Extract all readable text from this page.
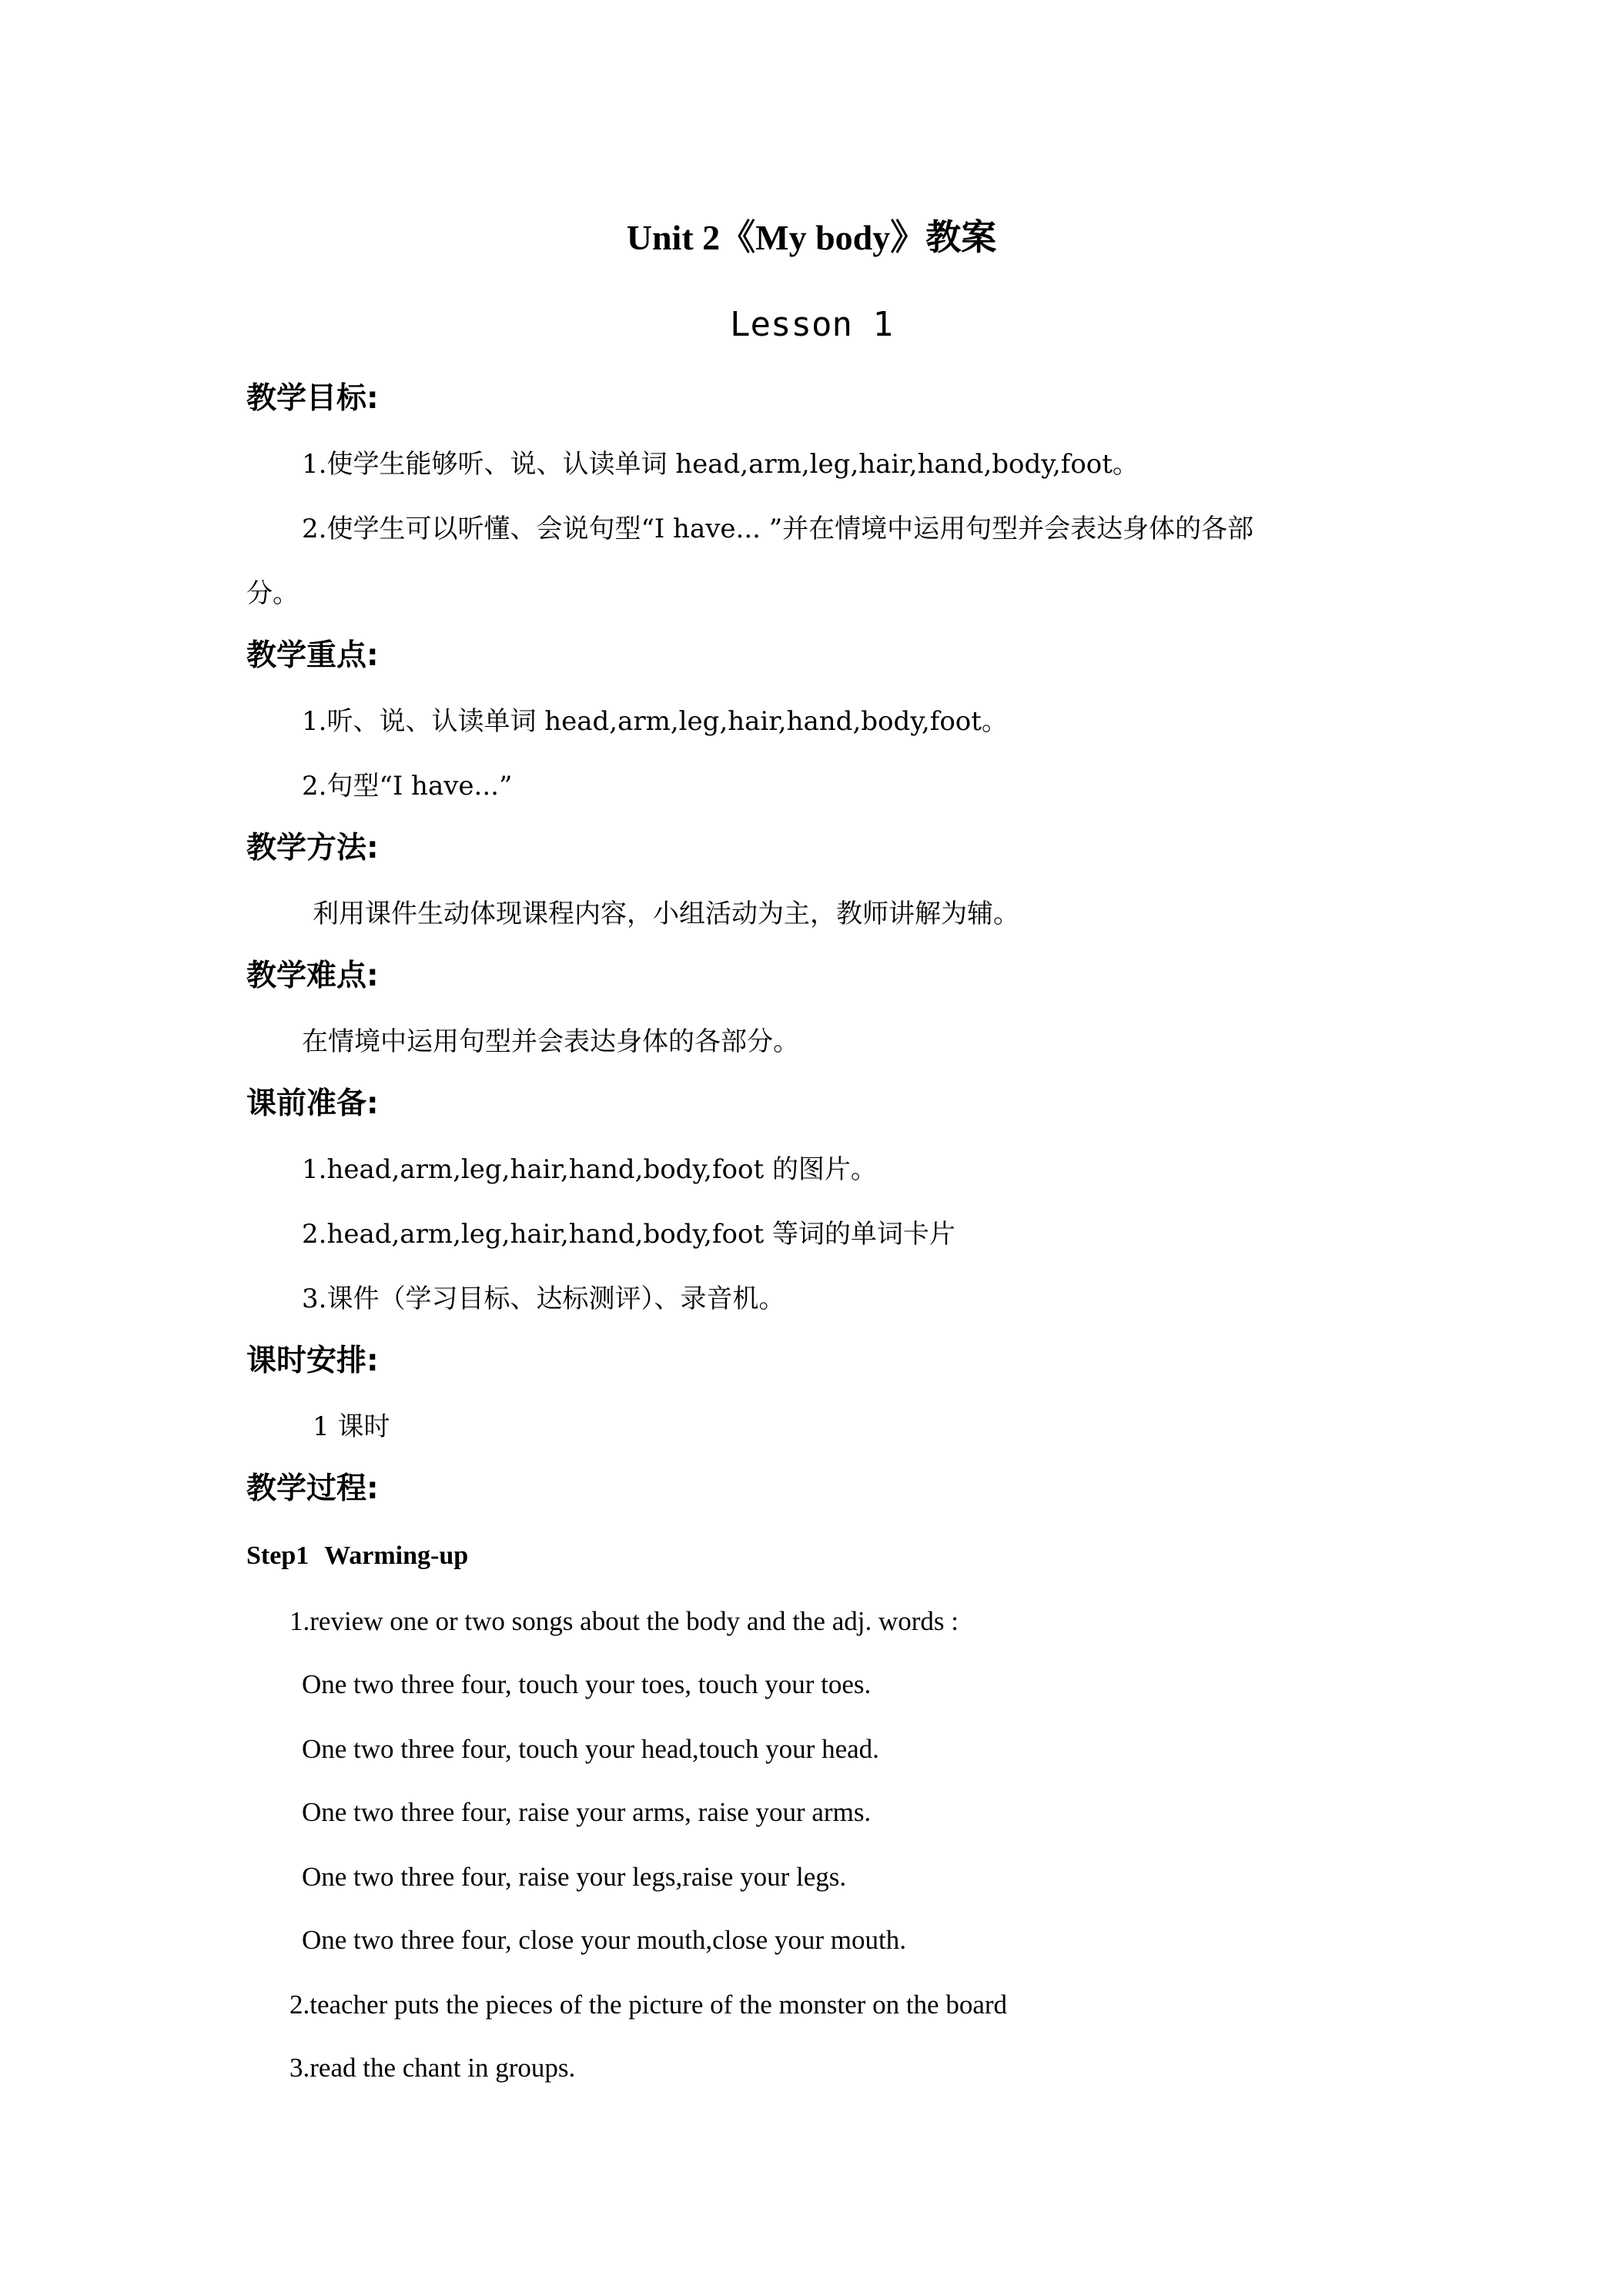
Unit 2《My body》教案
Lesson 1
教学目标:
1.使学生能够听、说、认读单词 head,arm,leg,hair,hand,body,foot。
2.使学生可以听懂、会说句型“I have... ”并在情境中运用句型并会表达身体的各部
分。
教学重点:
1.听、说、认读单词 head,arm,leg,hair,hand,body,foot。
2.句型“I have...”
教学方法:
利用课件生动体现课程内容，小组活动为主，教师讲解为辅。
教学难点:
在情境中运用句型并会表达身体的各部分。
课前准备:
1.head,arm,leg,hair,hand,body,foot 的图片。
2.head,arm,leg,hair,hand,body,foot 等词的单词卡片
3.课件（学习目标、达标测评）、录音机。
课时安排:
1 课时
教学过程:
Step1 Warming-up
1.review one or two songs about the body and the adj. words :
One two three four, touch your toes, touch your toes.
One two three four, touch your head,touch your head.
One two three four, raise your arms, raise your arms.
One two three four, raise your legs,raise your legs.
One two three four, close your mouth,close your mouth.
2.teacher puts the pieces of the picture of the monster on the board
3.read the chant in groups.
